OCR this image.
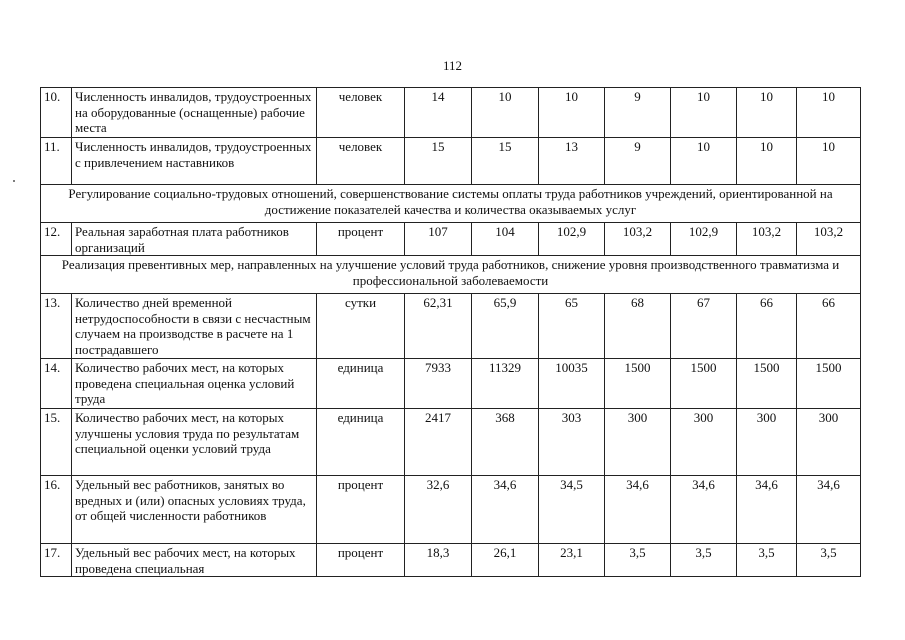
112
10.	Численность инвалидов, трудоустроенных на оборудованные (оснащенные) рабочие места	человек	14	10	10	9	10	10	10
11.	Численность инвалидов, трудоустроенных с привлечением наставников	человек	15	15	13	9	10	10	10
Регулирование социально-трудовых отношений, совершенствование системы оплаты труда работников учреждений, ориентированной на достижение показателей качества и количества оказываемых услуг									
12.	Реальная заработная плата работников организаций	процент	107	104	102,9	103,2	102,9	103,2	103,2
Реализация превентивных мер, направленных на улучшение условий труда работников, снижение уровня производственного травматизма и профессиональной заболеваемости									
13.	Количество дней временной нетрудоспособности в связи с несчастным случаем на производстве в расчете на 1 пострадавшего	сутки	62,31	65,9	65	68	67	66	66
14.	Количество рабочих мест, на которых проведена специальная оценка условий труда	единица	7933	11329	10035	1500	1500	1500	1500
15.	Количество рабочих мест, на которых улучшены условия труда по результатам специальной оценки условий труда	единица	2417	368	303	300	300	300	300
16.	Удельный вес работников, занятых во вредных и (или) опасных условиях труда, от общей численности работников	процент	32,6	34,6	34,5	34,6	34,6	34,6	34,6
17.	Удельный вес рабочих мест, на которых проведена специальная	процент	18,3	26,1	23,1	3,5	3,5	3,5	3,5
